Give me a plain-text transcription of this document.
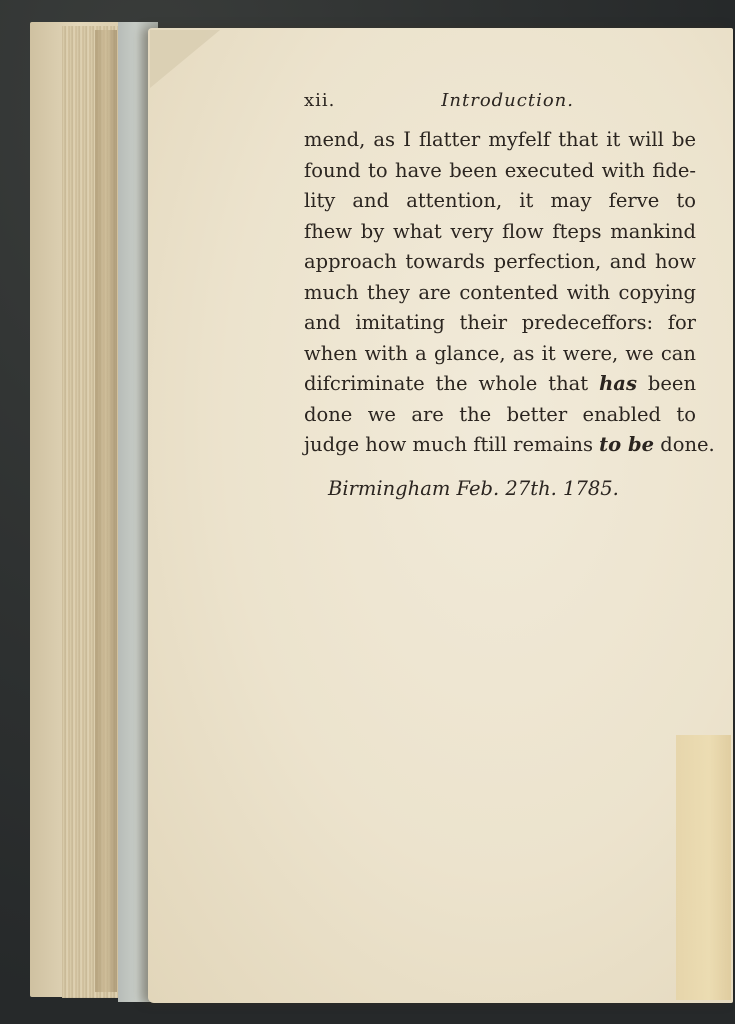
xii.	Introduction.
mend, as I flatter myfelf that it will be
found to have been executed with fide-
lity and attention, it may ferve to
fhew by what very flow fteps mankind
approach towards perfection, and how
much they are contented with copying
and imitating their predeceffors: for
when with a glance, as it were, we can
difcriminate the whole that has been
done we are the better enabled to
judge how much ftill remains to be done.
Birmingham Feb. 27th. 1785.
